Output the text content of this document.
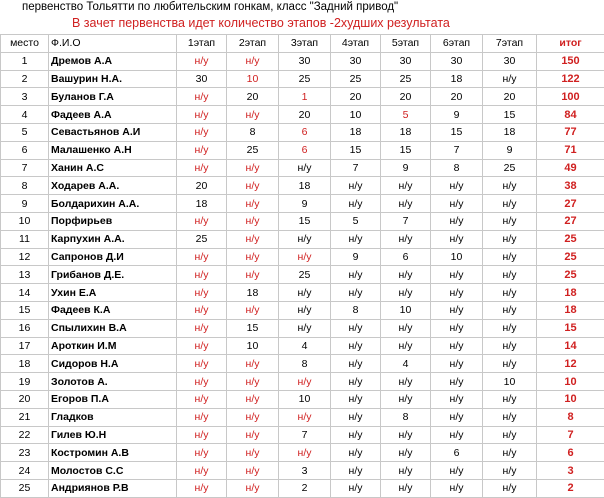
первенство Тольятти по любительским гонкам, класс "Задний привод"
В зачет первенства идет количество этапов -2худших результата
место	Ф.И.О	1этап	2этап	3этап	4этап	5этап	6этап	7этап	итог
1	Дремов А.А	н/у	н/у	30	30	30	30	30	150
2	Вашурин Н.А.	30	10	25	25	25	18	н/у	122
3	Буланов Г.А	н/у	20	1	20	20	20	20	100
4	Фадеев А.А	н/у	н/у	20	10	5	9	15	84
5	Севастьянов А.И	н/у	8	6	18	18	15	18	77
6	Малашенко А.Н	н/у	25	6	15	15	7	9	71
7	Ханин А.С	н/у	н/у	н/у	7	9	8	25	49
8	Ходарев А.А.	20	н/у	18	н/у	н/у	н/у	н/у	38
9	Болдарихин А.А.	18	н/у	9	н/у	н/у	н/у	н/у	27
10	Порфирьев	н/у	н/у	15	5	7	н/у	н/у	27
11	Карпухин А.А.	25	н/у	н/у	н/у	н/у	н/у	н/у	25
12	Сапронов Д.И	н/у	н/у	н/у	9	6	10	н/у	25
13	Грибанов Д.Е.	н/у	н/у	25	н/у	н/у	н/у	н/у	25
14	Ухин Е.А	н/у	18	н/у	н/у	н/у	н/у	н/у	18
15	Фадеев К.А	н/у	н/у	н/у	8	10	н/у	н/у	18
16	Спылихин В.А	н/у	15	н/у	н/у	н/у	н/у	н/у	15
17	Ароткин И.М	н/у	10	4	н/у	н/у	н/у	н/у	14
18	Сидоров Н.А	н/у	н/у	8	н/у	4	н/у	н/у	12
19	Золотов А.	н/у	н/у	н/у	н/у	н/у	н/у	10	10
20	Егоров П.А	н/у	н/у	10	н/у	н/у	н/у	н/у	10
21	Гладков	н/у	н/у	н/у	н/у	8	н/у	н/у	8
22	Гилев Ю.Н	н/у	н/у	7	н/у	н/у	н/у	н/у	7
23	Костромин А.В	н/у	н/у	н/у	н/у	н/у	6	н/у	6
24	Молостов С.С	н/у	н/у	3	н/у	н/у	н/у	н/у	3
25	Андриянов Р.В	н/у	н/у	2	н/у	н/у	н/у	н/у	2
